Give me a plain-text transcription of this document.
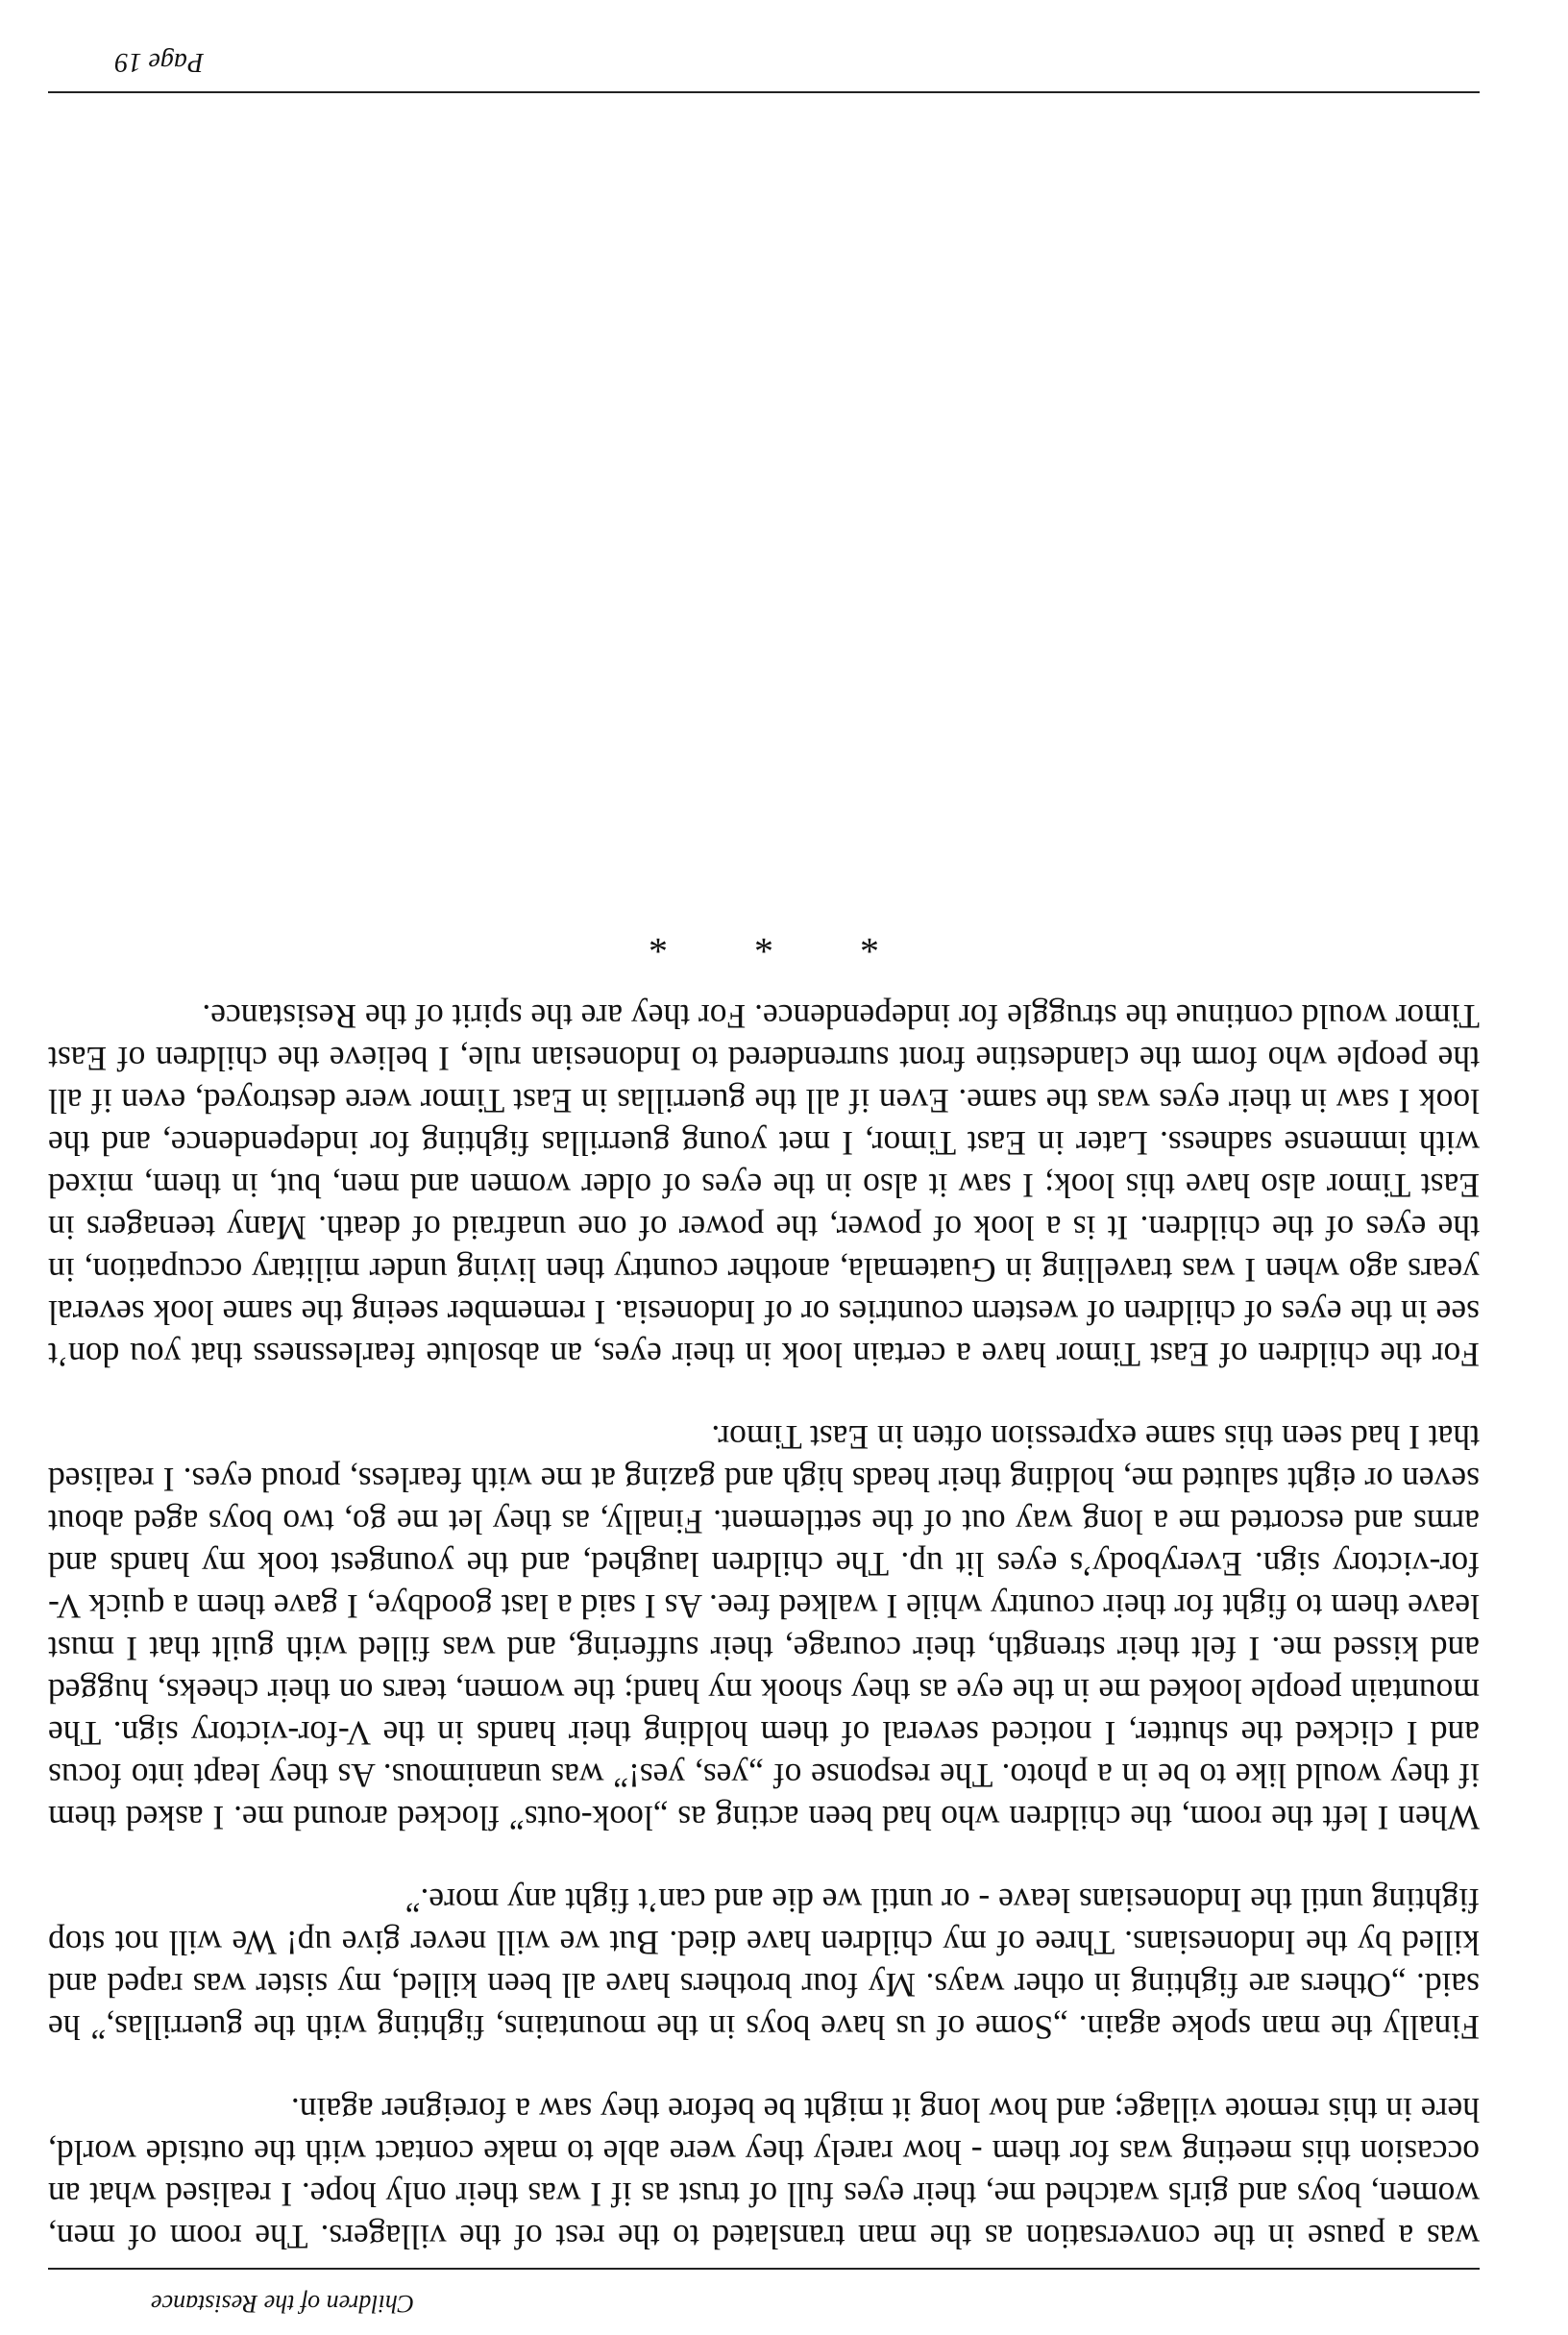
Children of the Resistance

was a pause in the conversation as the man translated to the rest of the villagers. The room of men, women, boys and girls watched me, their eyes full of trust as if I was their only hope. I realised what an occasion this meeting was for them - how rarely they were able to make contact with the outside world, here in this remote village; and how long it might be before they saw a foreigner again.

Finally the man spoke again. „Some of us have boys in the mountains, fighting with the guerrillas,” he said. „Others are fighting in other ways. My four brothers have all been killed, my sister was raped and killed by the Indonesians. Three of my children have died. But we will never give up! We will not stop fighting until the Indonesians leave - or until we die and can’t fight any more.”

When I left the room, the children who had been acting as „look-outs” flocked around me. I asked them if they would like to be in a photo. The response of „yes, yes!” was unanimous. As they leapt into focus and I clicked the shutter, I noticed several of them holding their hands in the V-for-victory sign. The mountain people looked me in the eye as they shook my hand; the women, tears on their cheeks, hugged and kissed me. I felt their strength, their courage, their suffering, and was filled with guilt that I must leave them to fight for their country while I walked free. As I said a last goodbye, I gave them a quick V-for-victory sign. Everybody’s eyes lit up. The children laughed, and the youngest took my hands and arms and escorted me a long way out of the settlement. Finally, as they let me go, two boys aged about seven or eight saluted me, holding their heads high and gazing at me with fearless, proud eyes. I realised that I had seen this same expression often in East Timor.

For the children of East Timor have a certain look in their eyes, an absolute fearlessness that you don’t see in the eyes of children of western countries or of Indonesia. I remember seeing the same look several years ago when I was travelling in Guatemala, another country then living under military occupation, in the eyes of the children. It is a look of power, the power of one unafraid of death. Many teenagers in East Timor also have this look; I saw it also in the eyes of older women and men, but, in them, mixed with immense sadness. Later in East Timor, I met young guerrillas fighting for independence, and the look I saw in their eyes was the same. Even if all the guerrillas in East Timor were destroyed, even if all the people who form the clandestine front surrendered to Indonesian rule, I believe the children of East Timor would continue the struggle for independence. For they are the spirit of the Resistance.

* * *
Page 19
